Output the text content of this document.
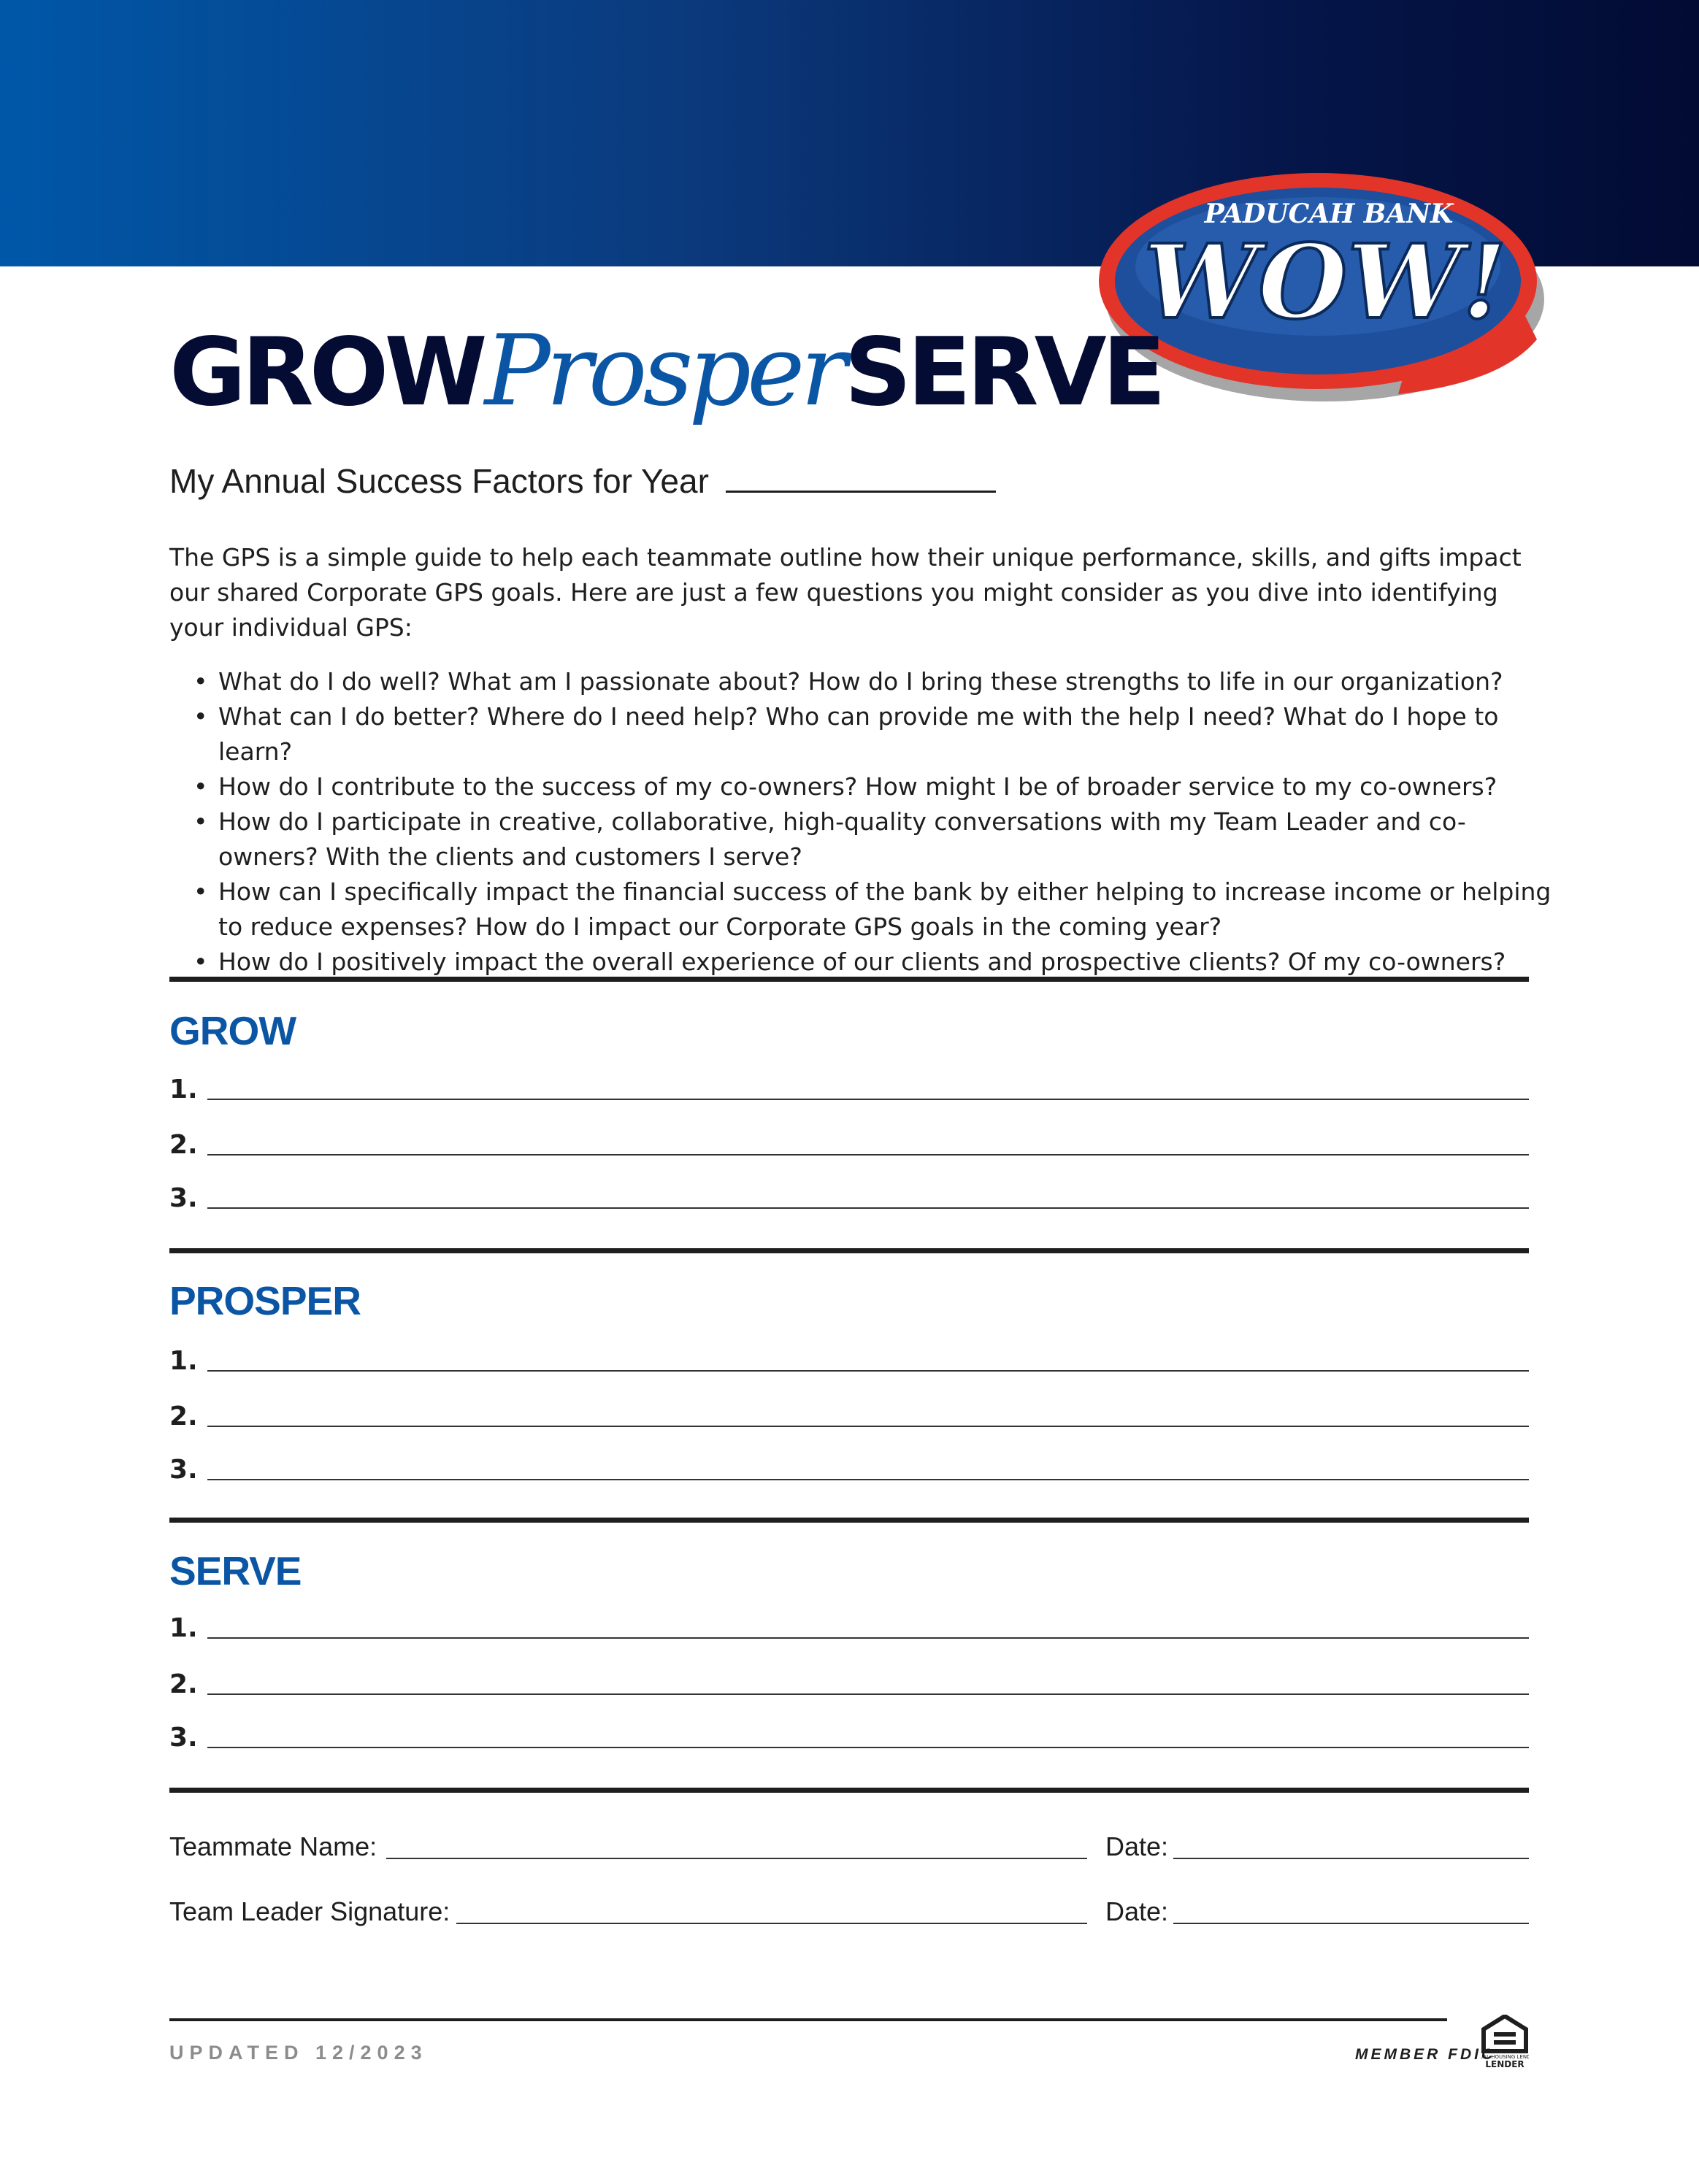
PADUCAH BANK
WOW!
GROWProsperSERVE
My Annual Success Factors for Year
The GPS is a simple guide to help each teammate outline how their unique performance, skills, and gifts impact our shared Corporate GPS goals. Here are just a few questions you might consider as you dive into identifying your individual GPS:
• What do I do well? What am I passionate about? How do I bring these strengths to life in our organization?
• What can I do better? Where do I need help? Who can provide me with the help I need? What do I hope to learn?
• How do I contribute to the success of my co-owners? How might I be of broader service to my co-owners?
• How do I participate in creative, collaborative, high-quality conversations with my Team Leader and co-owners? With the clients and customers I serve?
• How can I specifically impact the financial success of the bank by either helping to increase income or helping to reduce expenses? How do I impact our Corporate GPS goals in the coming year?
• How do I positively impact the overall experience of our clients and prospective clients? Of my co-owners?
GROW
1.
2.
3.
PROSPER
1.
2.
3.
SERVE
1.
2.
3.
Teammate Name:	Date:
Team Leader Signature:	Date:
UPDATED 12/2023	MEMBER FDIC
UAL HOUSING LEND
LENDER
